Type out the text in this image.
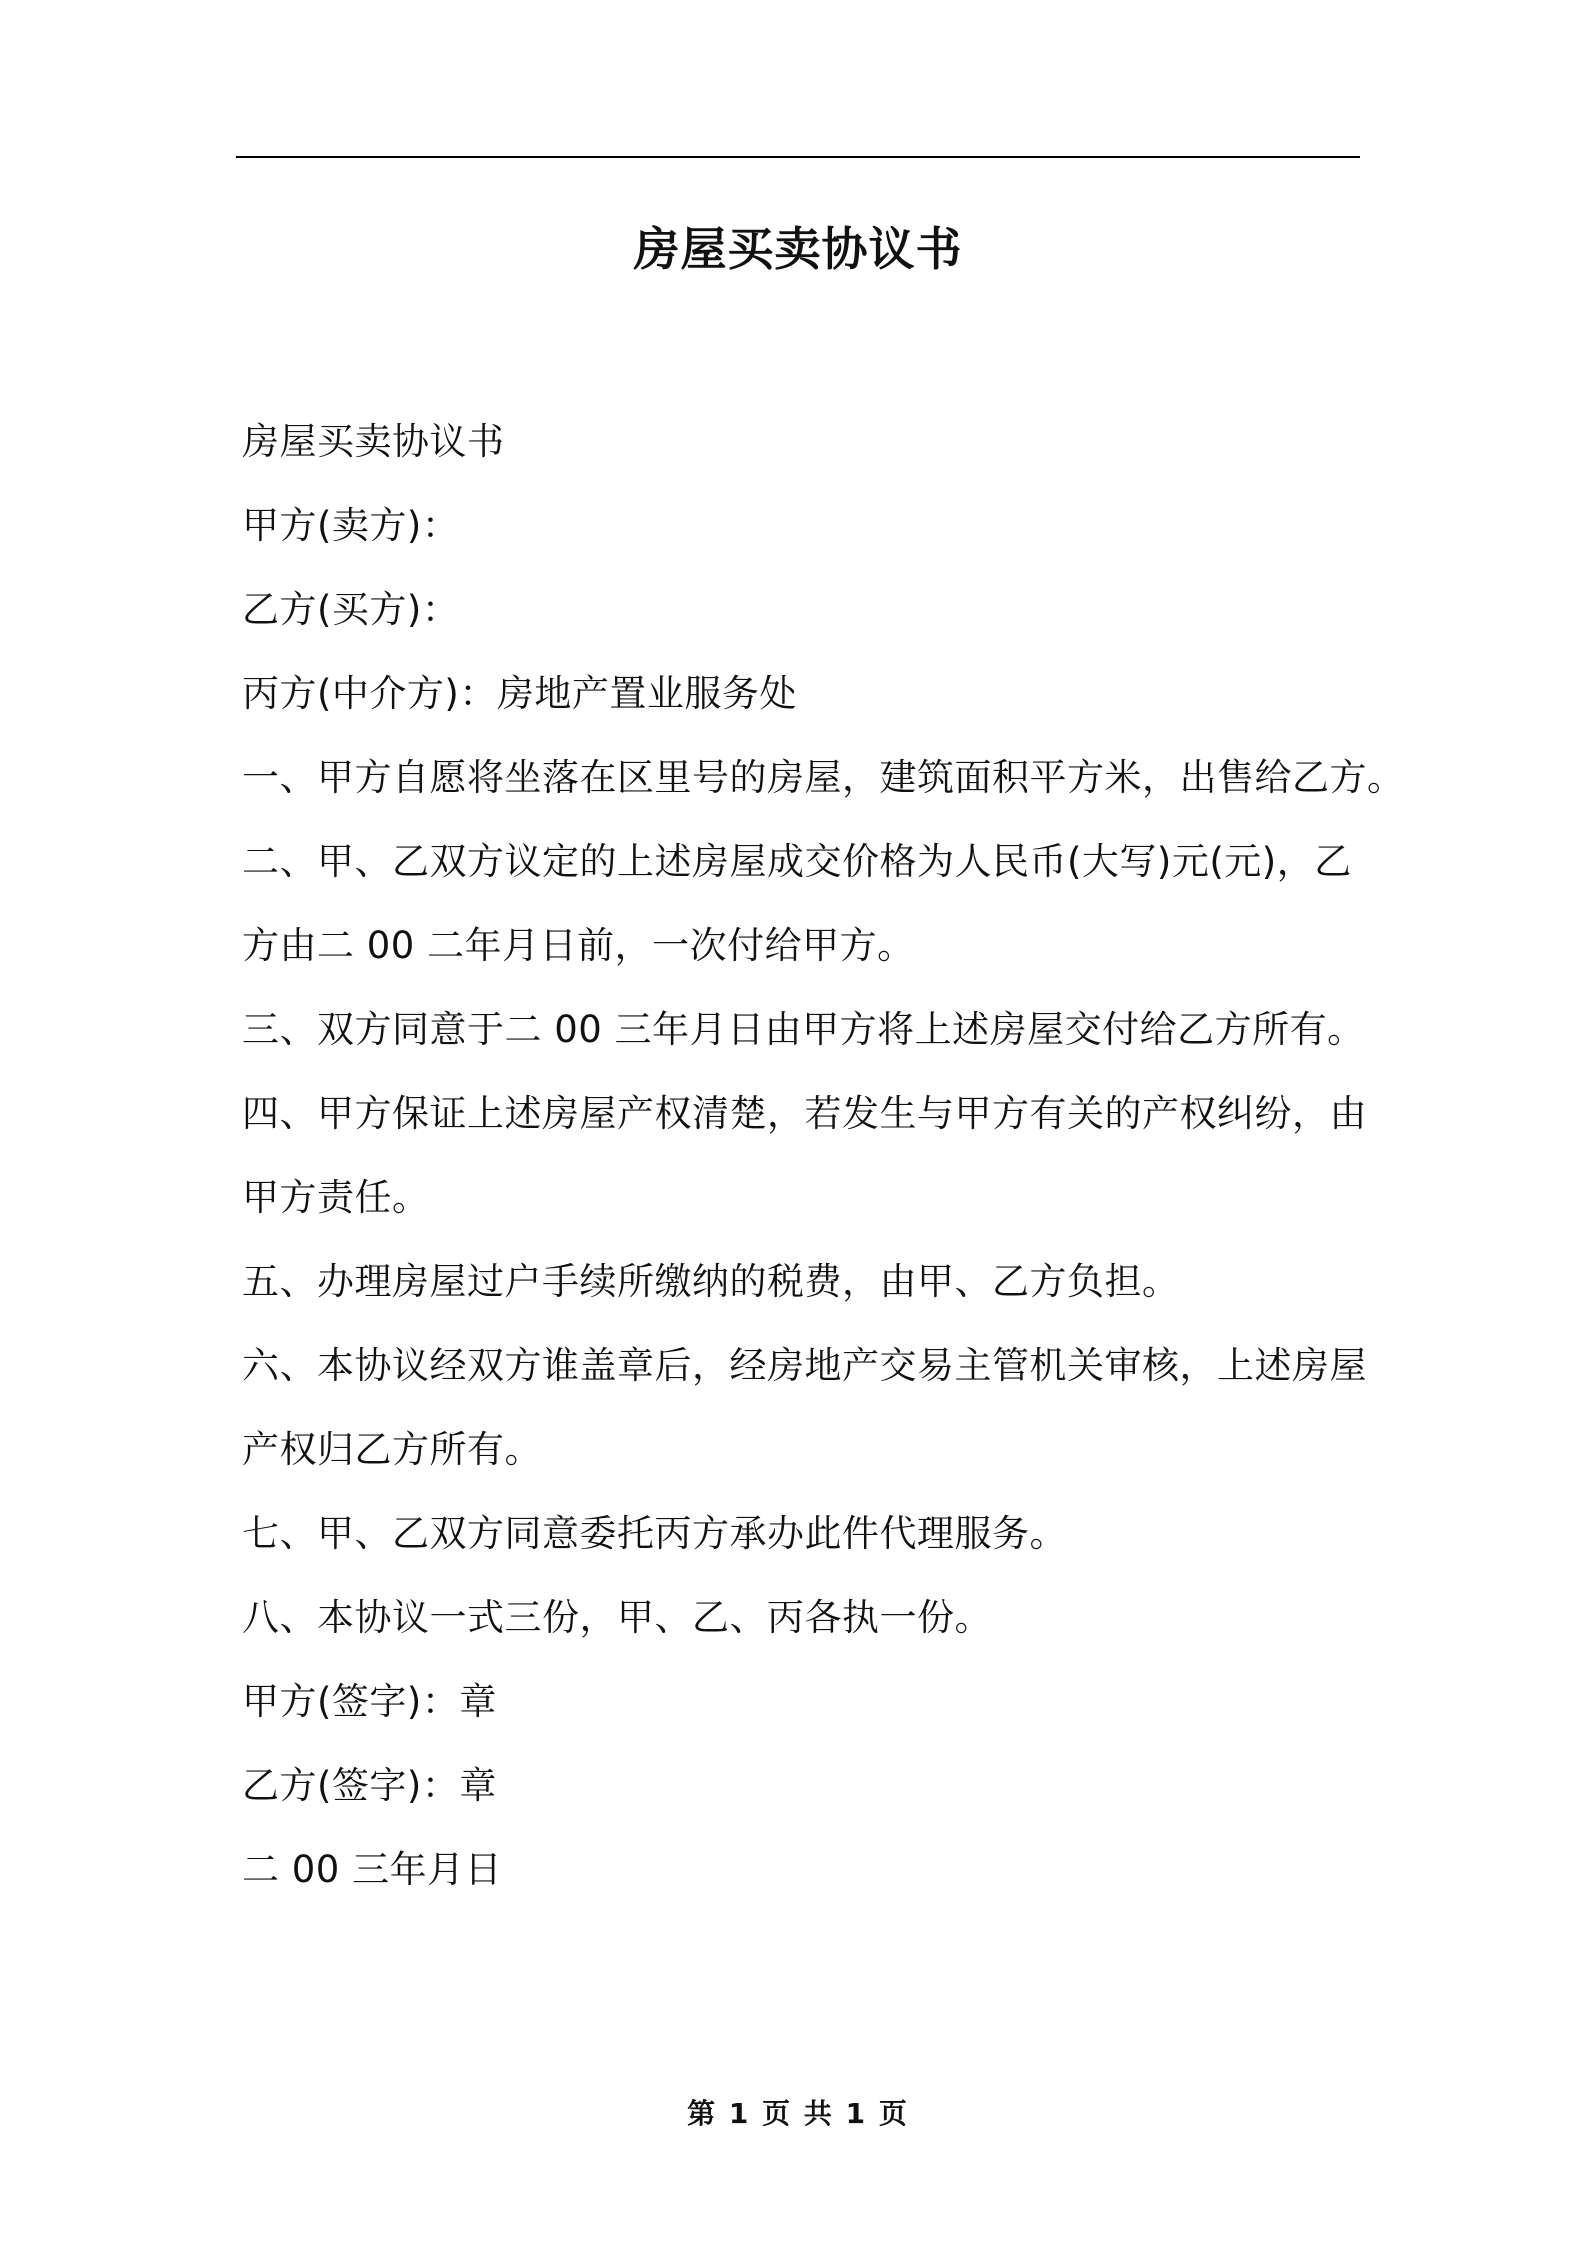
房屋买卖协议书
房屋买卖协议书
甲方(卖方)：
乙方(买方)：
丙方(中介方)：房地产置业服务处
一、甲方自愿将坐落在区里号的房屋，建筑面积平方米，出售给乙方。
二、甲、乙双方议定的上述房屋成交价格为人民币(大写)元(元)，乙
方由二 00 二年月日前，一次付给甲方。
三、双方同意于二 00 三年月日由甲方将上述房屋交付给乙方所有。
四、甲方保证上述房屋产权清楚，若发生与甲方有关的产权纠纷，由
甲方责任。
五、办理房屋过户手续所缴纳的税费，由甲、乙方负担。
六、本协议经双方谁盖章后，经房地产交易主管机关审核，上述房屋
产权归乙方所有。
七、甲、乙双方同意委托丙方承办此件代理服务。
八、本协议一式三份，甲、乙、丙各执一份。
甲方(签字)：章
乙方(签字)：章
二 00 三年月日
第 1 页 共 1 页
